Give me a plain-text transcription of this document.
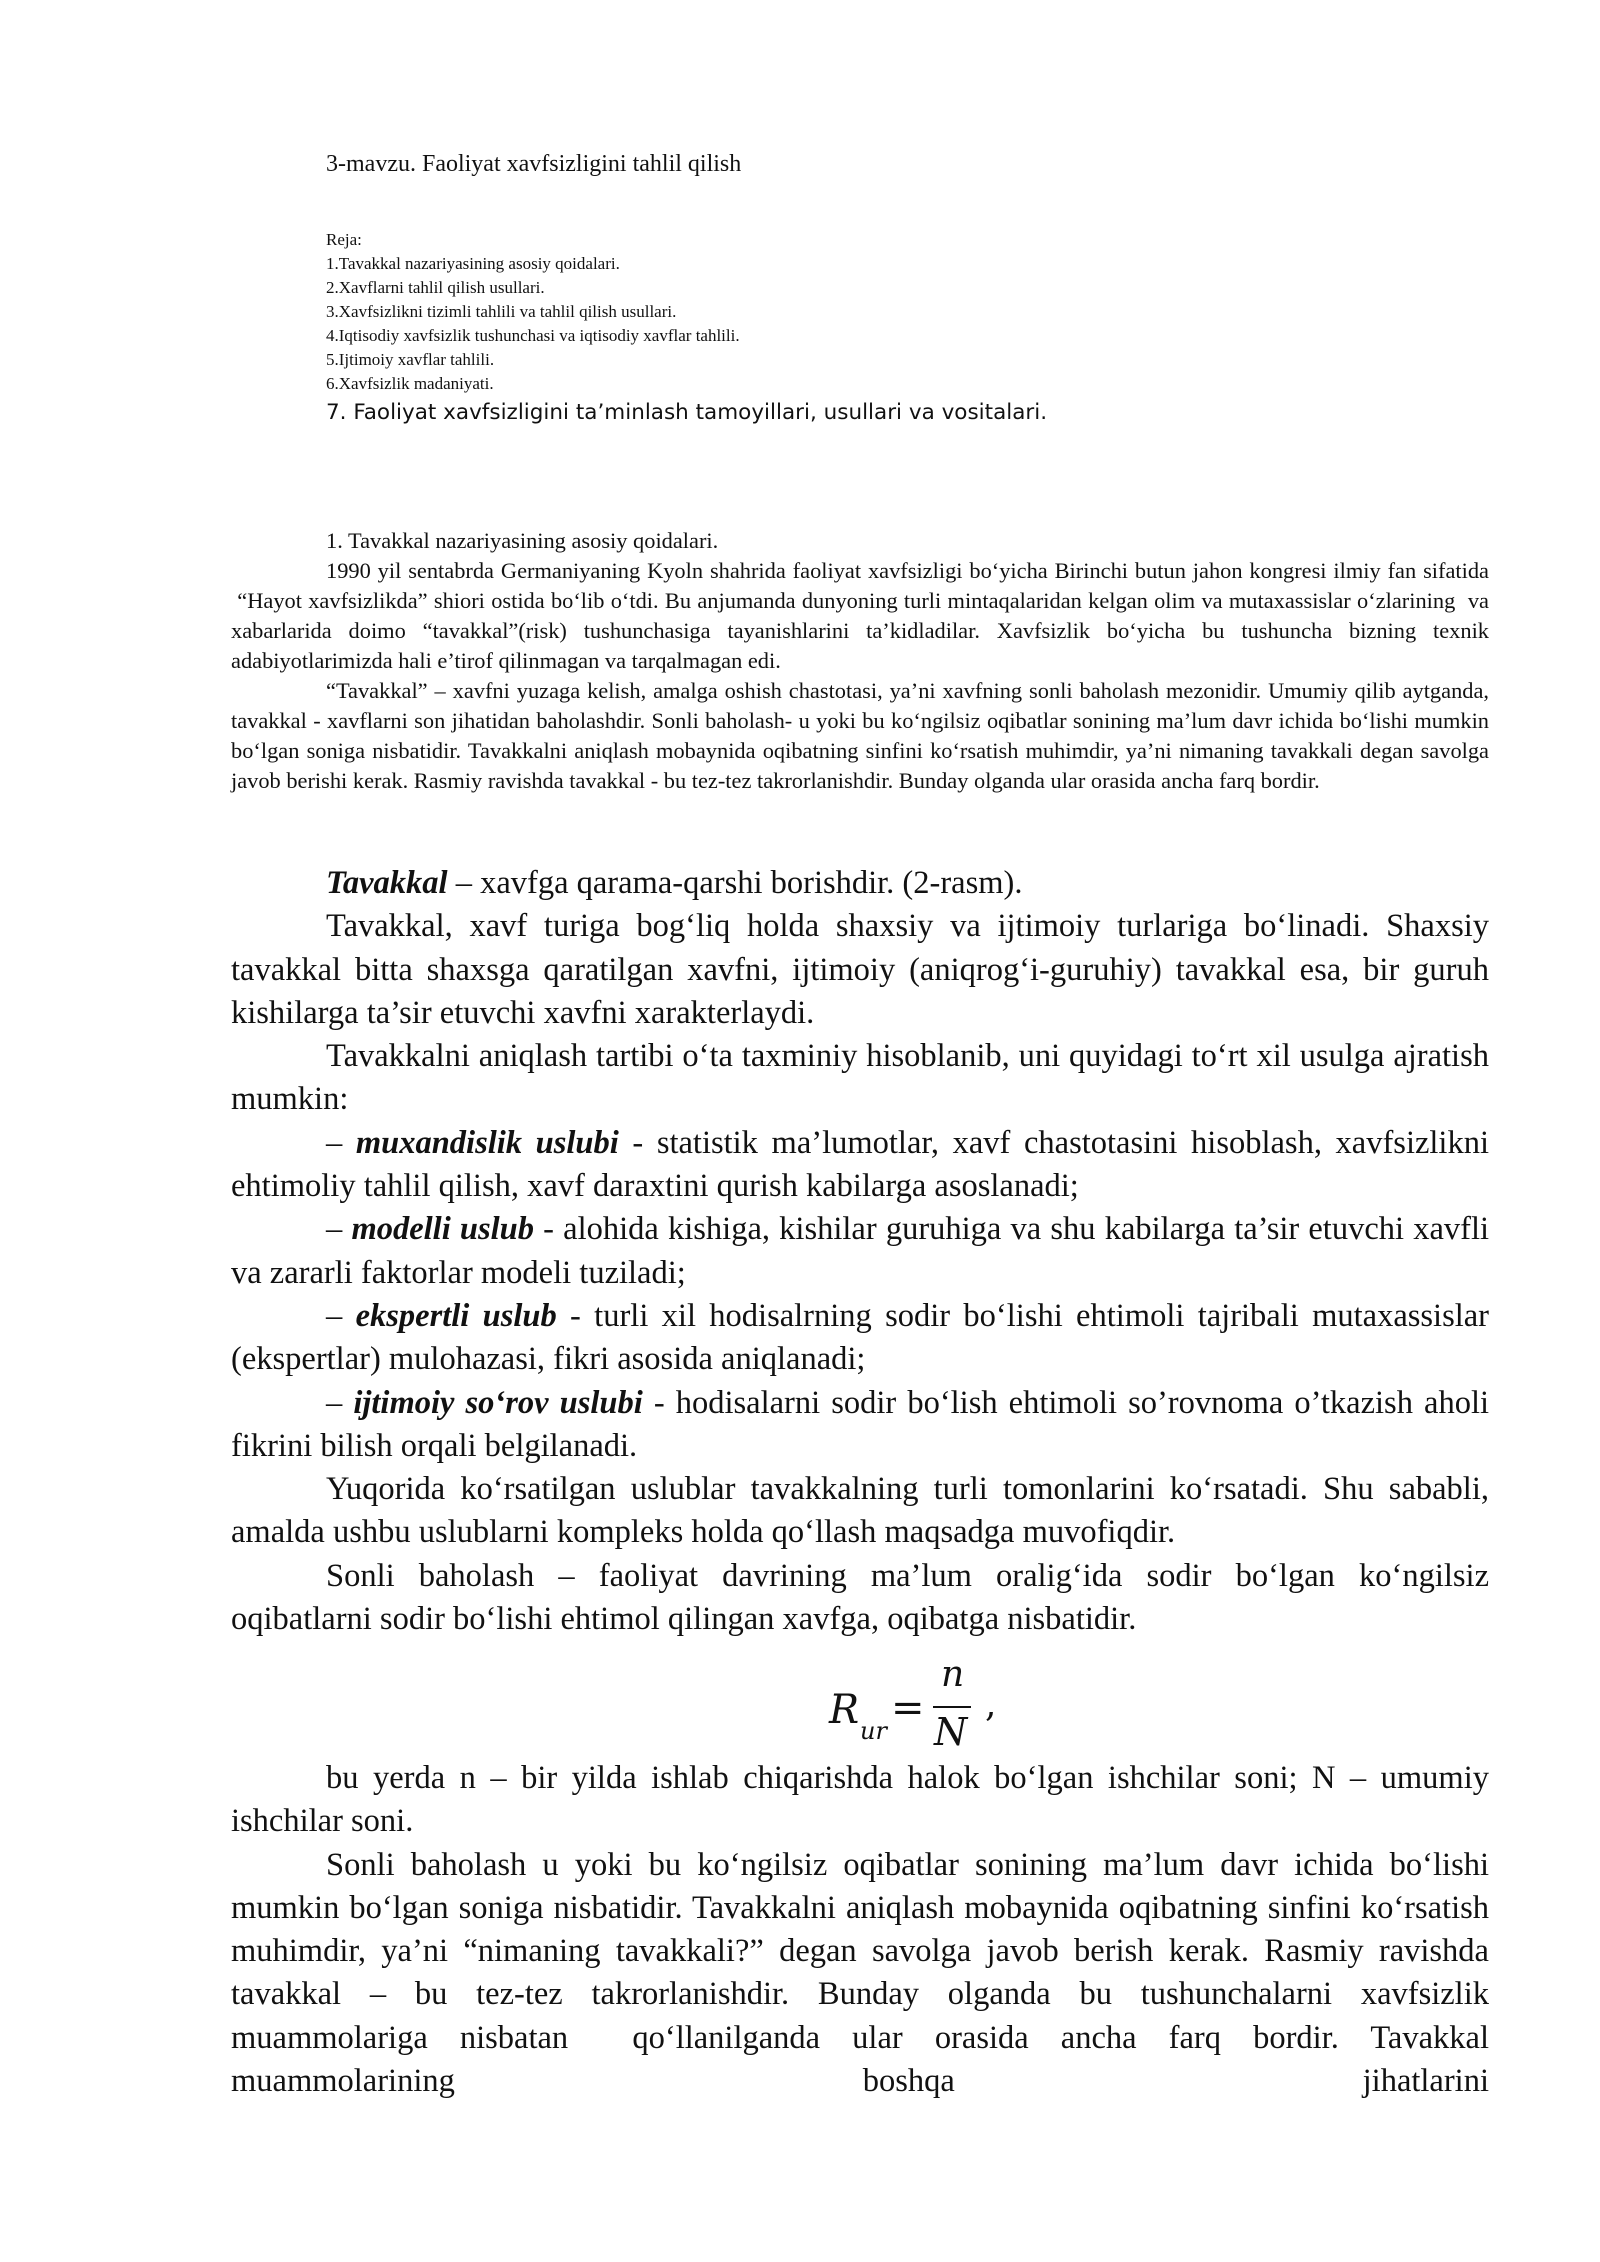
3-mavzu. Faoliyat xavfsizligini tahlil qilish
Reja:
1.Tavakkal nazariyasining asosiy qoidalari.
2.Xavflarni tahlil qilish usullari.
3.Xavfsizlikni tizimli tahlili va tahlil qilish usullari.
4.Iqtisodiy xavfsizlik tushunchasi va iqtisodiy xavflar tahlili.
5.Ijtimoiy xavflar tahlili.
6.Xavfsizlik madaniyati.
7. Faoliyat xavfsizligini ta’minlash tamoyillari, usullari va vositalari.

1. Tavakkal nazariyasining asosiy qoidalari.

1990 yil sentabrda Germaniyaning Kyoln shahrida faoliyat xavfsizligi bo‘yicha Birinchi butun jahon kongresi ilmiy fan sifatida  “Hayot xavfsizlikda” shiori ostida bo‘lib o‘tdi. Bu anjumanda dunyoning turli mintaqalaridan kelgan olim va mutaxassislar o‘zlarining  va xabarlarida doimo “tavakkal”(risk) tushunchasiga tayanishlarini ta’kidladilar. Xavfsizlik bo‘yicha bu tushuncha bizning texnik adabiyotlarimizda hali e’tirof qilinmagan va tarqalmagan edi.

“Tavakkal” – xavfni yuzaga kelish, amalga oshish chastotasi, ya’ni xavfning sonli baholash mezonidir. Umumiy qilib aytganda, tavakkal - xavflarni son jihatidan baholashdir. Sonli baholash- u yoki bu ko‘ngilsiz oqibatlar sonining ma’lum davr ichida bo‘lishi mumkin bo‘lgan soniga nisbatidir. Tavakkalni aniqlash mobaynida oqibatning sinfini ko‘rsatish muhimdir, ya’ni nimaning tavakkali degan savolga javob berishi kerak. Rasmiy ravishda tavakkal - bu tez-tez takrorlanishdir. Bunday olganda ular orasida ancha farq bordir.

Tavakkal – xavfga qarama-qarshi borishdir. (2-rasm).

Tavakkal, xavf turiga bog‘liq holda shaxsiy va ijtimoiy turlariga bo‘linadi. Shaxsiy tavakkal bitta shaxsga qaratilgan xavfni, ijtimoiy (aniqrog‘i-guruhiy) tavakkal esa, bir guruh kishilarga ta’sir etuvchi xavfni xarakterlaydi.

Tavakkalni aniqlash tartibi o‘ta taxminiy hisoblanib, uni quyidagi to‘rt xil usulga ajratish mumkin:

– muxandislik uslubi - statistik ma’lumotlar, xavf chastotasini hisoblash, xavfsizlikni ehtimoliy tahlil qilish, xavf daraxtini qurish kabilarga asoslanadi;

– modelli uslub - alohida kishiga, kishilar guruhiga va shu kabilarga ta’sir etuvchi xavfli va zararli faktorlar modeli tuziladi;

– ekspertli uslub - turli xil hodisalrning sodir bo‘lishi ehtimoli tajribali mutaxassislar (ekspertlar) mulohazasi, fikri asosida aniqlanadi;

– ijtimoiy so‘rov uslubi - hodisalarni sodir bo‘lish ehtimoli so’rovnoma o’tkazish aholi fikrini bilish orqali belgilanadi.

Yuqorida ko‘rsatilgan uslublar tavakkalning turli tomonlarini ko‘rsatadi. Shu sababli, amalda ushbu uslublarni kompleks holda qo‘llash maqsadga muvofiqdir.

Sonli baholash – faoliyat davrining ma’lum oralig‘ida sodir bo‘lgan ko‘ngilsiz oqibatlarni sodir bo‘lishi ehtimol qilingan xavfga, oqibatga nisbatidir.

R ur =
n
N
,

bu yerda n – bir yilda ishlab chiqarishda halok bo‘lgan ishchilar soni; N – umumiy ishchilar soni.

Sonli baholash u yoki bu ko‘ngilsiz oqibatlar sonining ma’lum davr ichida bo‘lishi mumkin bo‘lgan soniga nisbatidir. Tavakkalni aniqlash mobaynida oqibatning sinfini ko‘rsatish muhimdir, ya’ni “nimaning tavakkali?” degan savolga javob berish kerak. Rasmiy ravishda tavakkal – bu tez-tez takrorlanishdir. Bunday olganda bu tushunchalarni xavfsizlik muammolariga nisbatan  qo‘llanilganda ular orasida ancha farq bordir. Tavakkal muammolarining boshqa jihatlarini
